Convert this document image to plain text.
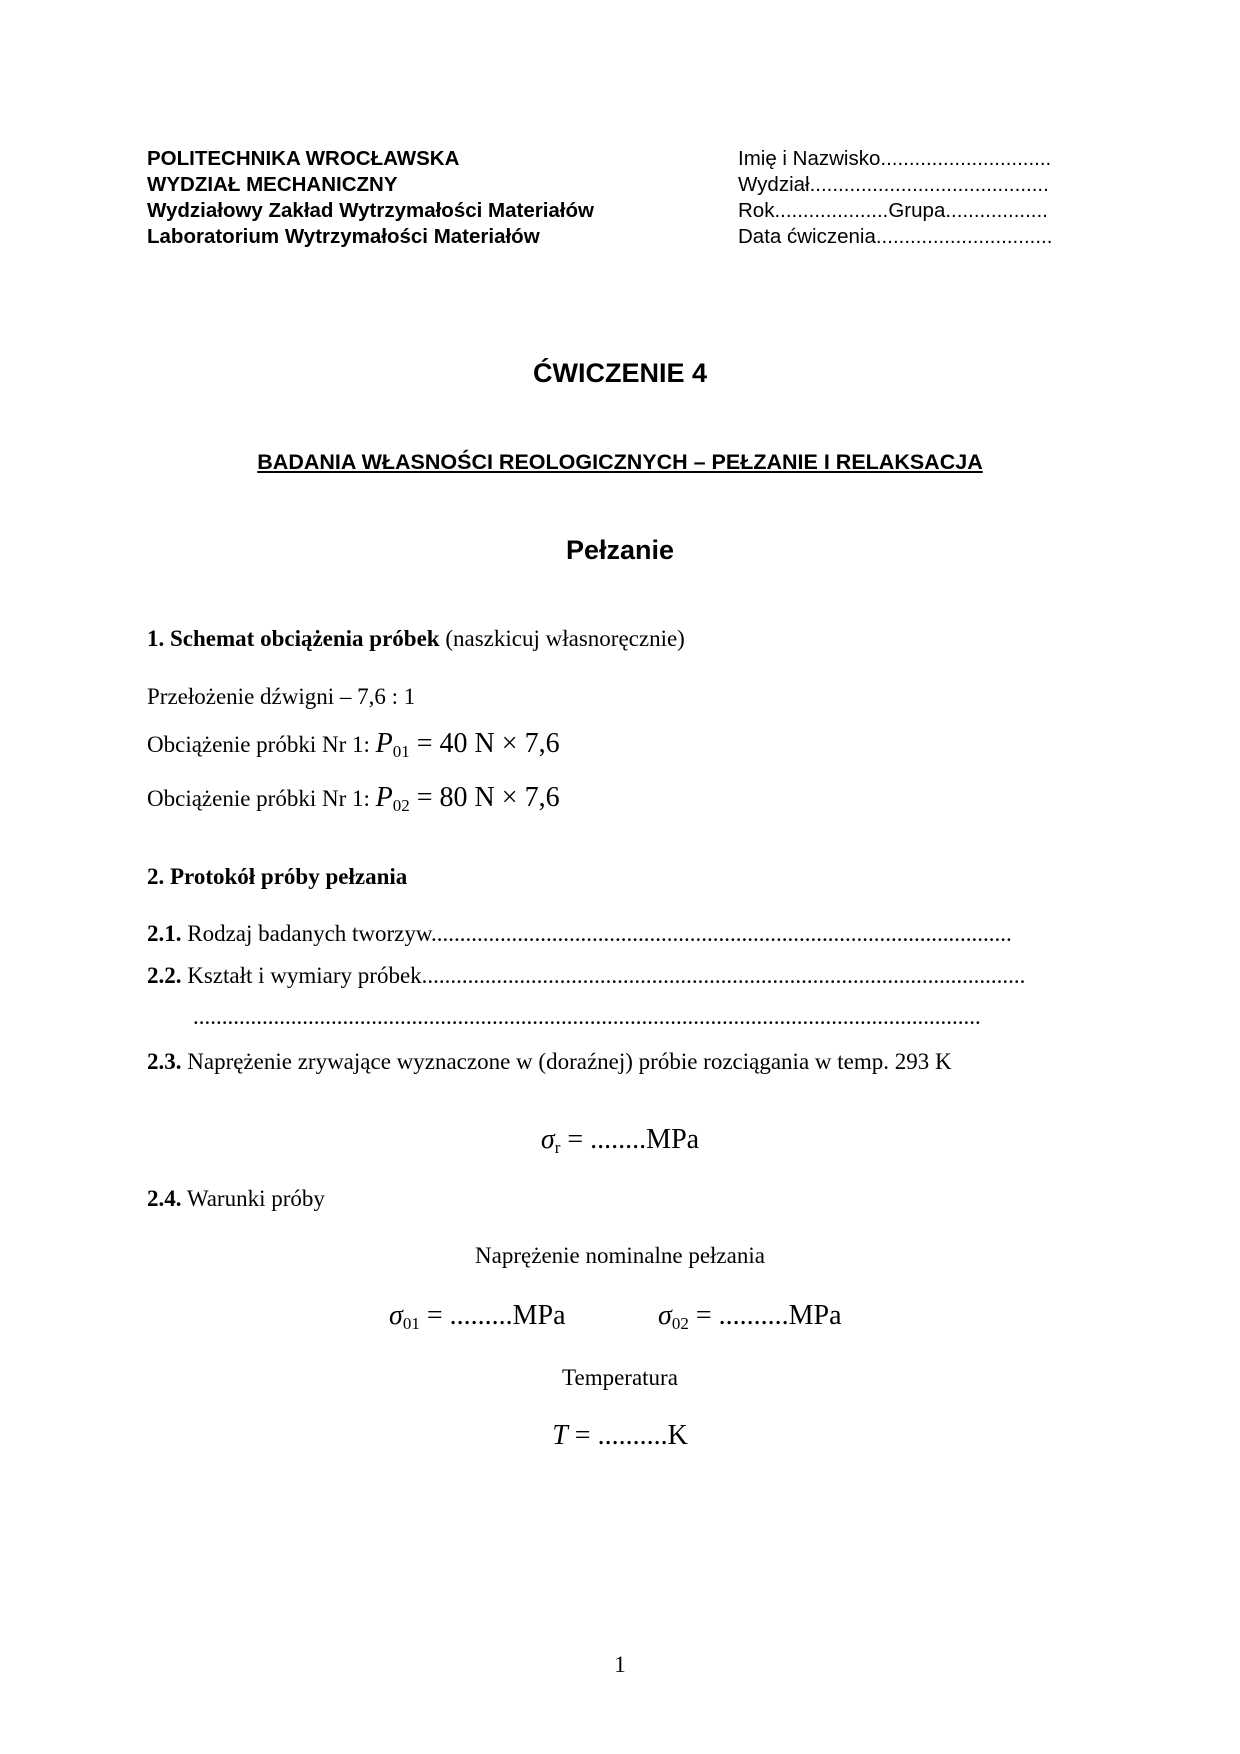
POLITECHNIKA WROCŁAWSKA
WYDZIAŁ MECHANICZNY
Wydziałowy Zakład Wytrzymałości Materiałów
Laboratorium Wytrzymałości Materiałów
Imię i Nazwisko..............................
Wydział..........................................
Rok....................Grupa..................
Data ćwiczenia...............................
ĆWICZENIE 4
BADANIA WŁASNOŚCI REOLOGICZNYCH – PEŁZANIE I RELAKSACJA
Pełzanie
1. Schemat obciążenia próbek (naszkicuj własnoręcznie)
Przełożenie dźwigni – 7,6 : 1
Obciążenie próbki Nr 1: $P_{01} = 40$ N × 7,6
Obciążenie próbki Nr 1: $P_{02} = 80$ N × 7,6
2. Protokół próby pełzania
2.1. Rodzaj badanych tworzyw.....................................................................................................
2.2. Kształt i wymiary próbek.........................................................................................................
.........................................................................................................................................
2.3. Naprężenie zrywające wyznaczone w (doraźnej) próbie rozciągania w temp. 293 K
$\sigma_r = ........MPa$
2.4. Warunki próby
Naprężenie nominalne pełzania
$\sigma_{01} = .........MPa$	$\sigma_{02} = ..........MPa$
Temperatura
T = ..........K
1
